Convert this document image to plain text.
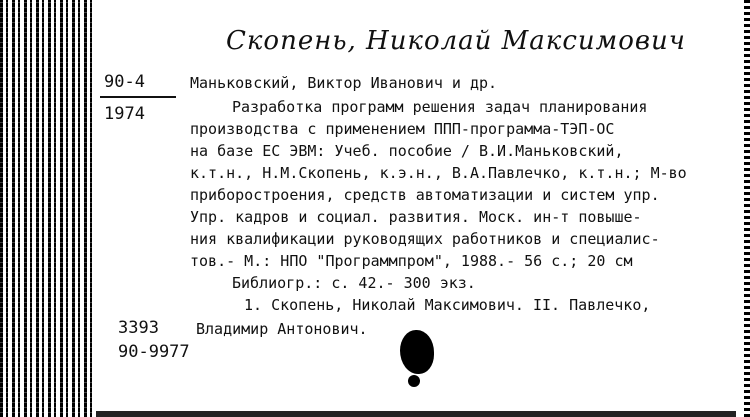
Скопень, Николай Максимович
90-4
1974
Маньковский, Виктор Иванович и др.
Разработка программ решения задач планирования
производства с применением ППП-программа-ТЭП-ОС
на базе ЕС ЭВМ: Учеб. пособие / В.И.Маньковский,
к.т.н., Н.М.Скопень, к.э.н., В.А.Павлечко, к.т.н.; М-во
приборостроения, средств автоматизации и систем упр.
Упр. кадров и социал. развития. Моск. ин-т повыше-
ния квалификации руководящих работников и специалис-
тов.- М.: НПО "Программпром", 1988.- 56 с.; 20 см
Библиогр.: с. 42.- 300 экз.
1. Скопень, Николай Максимович. II. Павлечко,
Владимир Антонович.
3393
90-9977
